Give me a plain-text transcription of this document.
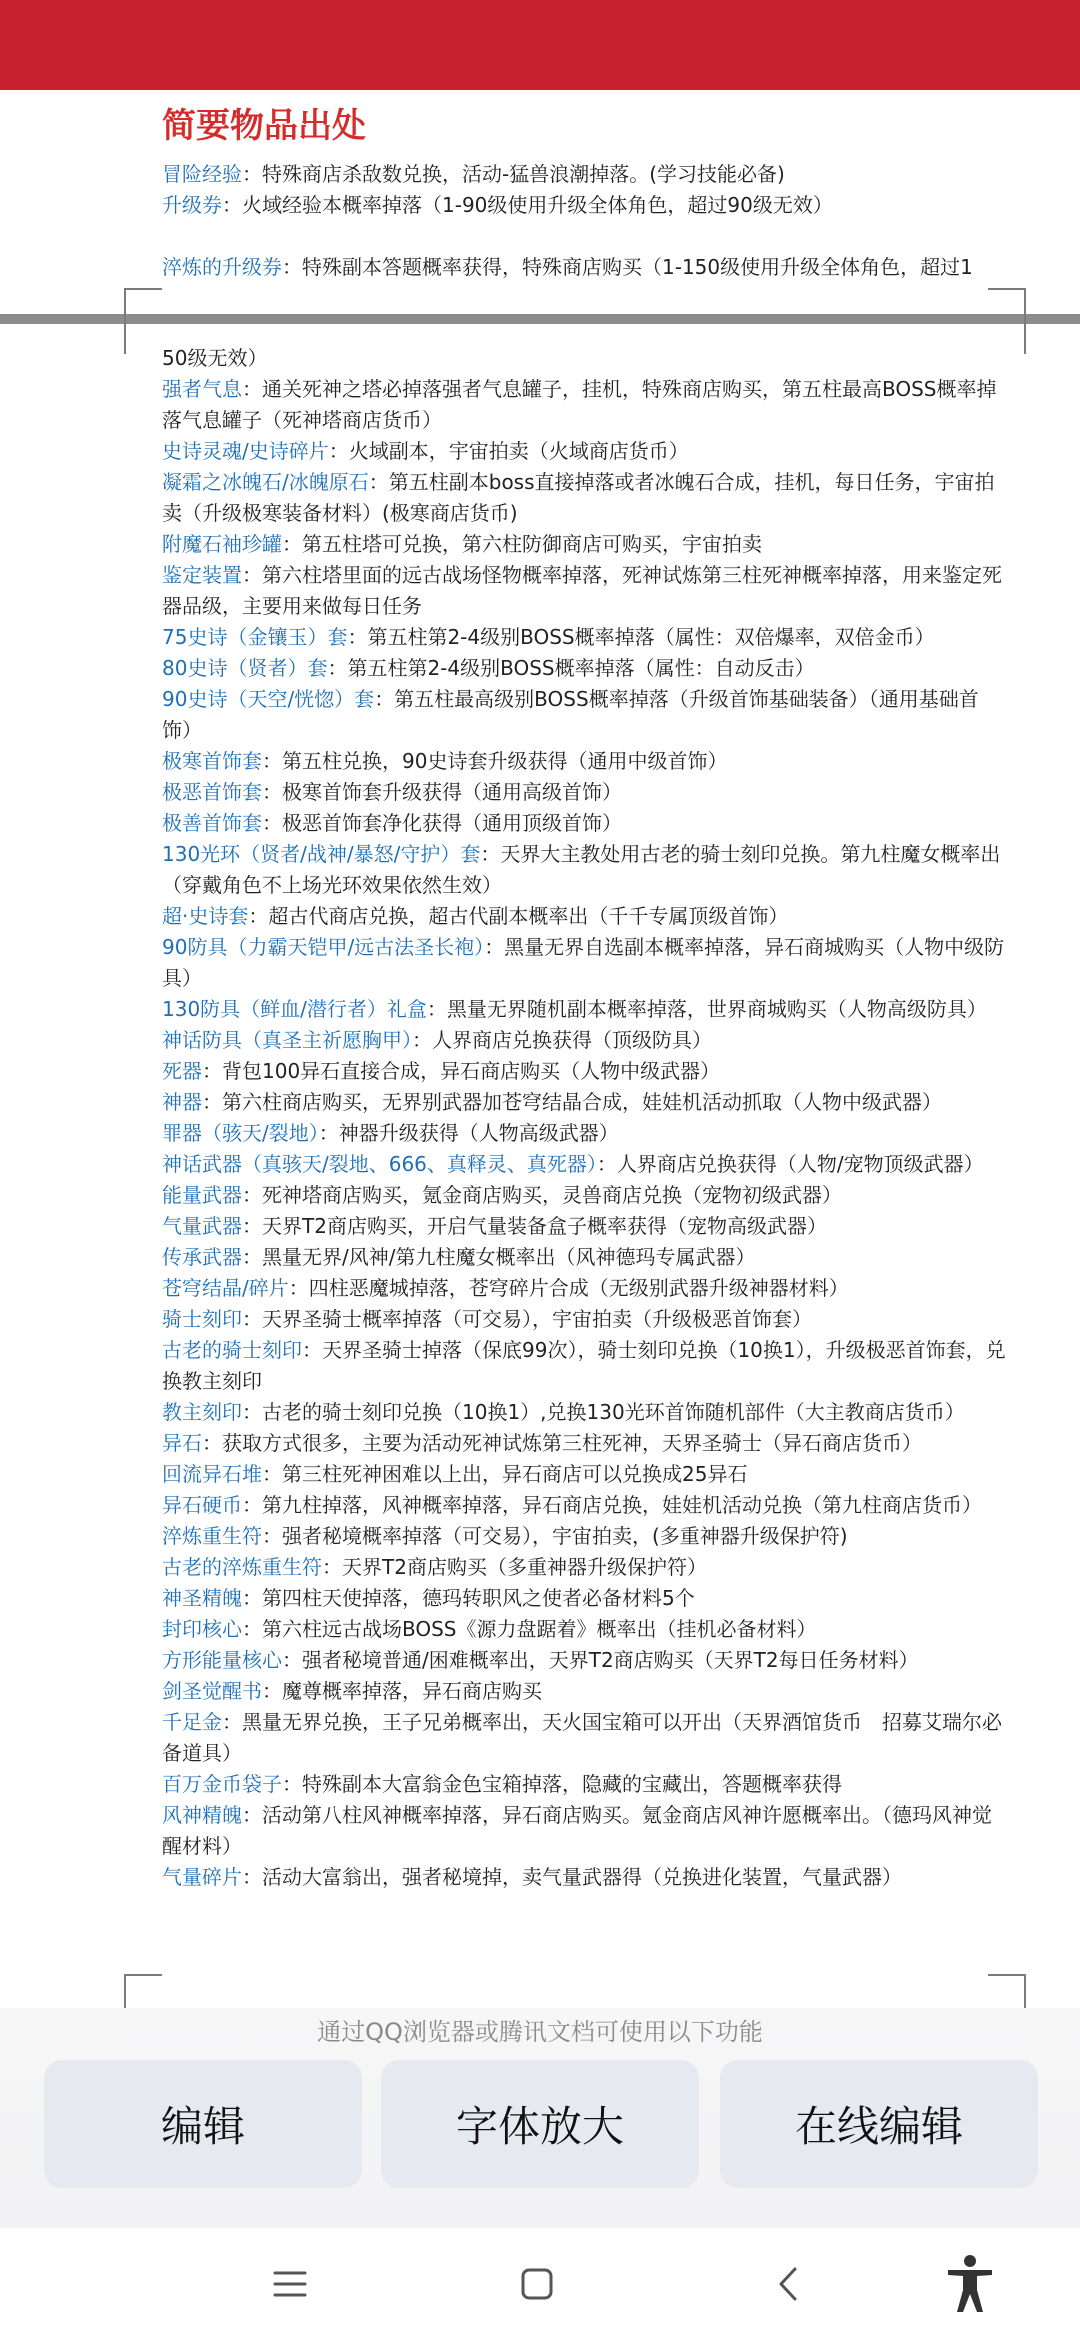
简要物品出处

冒险经验：特殊商店杀敌数兑换，活动-猛兽浪潮掉落。(学习技能必备)

升级券：火域经验本概率掉落（1-90级使用升级全体角色，超过90级无效）

淬炼的升级券：特殊副本答题概率获得，特殊商店购买（1-150级使用升级全体角色，超过1

50级无效）

强者气息：通关死神之塔必掉落强者气息罐子，挂机，特殊商店购买，第五柱最高BOSS概率掉落气息罐子（死神塔商店货币）

史诗灵魂/史诗碎片：火域副本，宇宙拍卖（火域商店货币）

凝霜之冰魄石/冰魄原石：第五柱副本boss直接掉落或者冰魄石合成，挂机，每日任务，宇宙拍卖（升级极寒装备材料）(极寒商店货币)

附魔石袖珍罐：第五柱塔可兑换，第六柱防御商店可购买，宇宙拍卖

鉴定装置：第六柱塔里面的远古战场怪物概率掉落，死神试炼第三柱死神概率掉落，用来鉴定死器品级，主要用来做每日任务

75史诗（金镶玉）套：第五柱第2-4级别BOSS概率掉落（属性：双倍爆率，双倍金币）

80史诗（贤者）套：第五柱第2-4级别BOSS概率掉落（属性：自动反击）

90史诗（天空/恍惚）套：第五柱最高级别BOSS概率掉落（升级首饰基础装备）（通用基础首饰）

极寒首饰套：第五柱兑换，90史诗套升级获得（通用中级首饰）

极恶首饰套：极寒首饰套升级获得（通用高级首饰）

极善首饰套：极恶首饰套净化获得（通用顶级首饰）

130光环（贤者/战神/暴怒/守护）套：天界大主教处用古老的骑士刻印兑换。第九柱魔女概率出（穿戴角色不上场光环效果依然生效）

超·史诗套：超古代商店兑换，超古代副本概率出（千千专属顶级首饰）

90防具（力霸天铠甲/远古法圣长袍）：黑量无界自选副本概率掉落，异石商城购买（人物中级防具）

130防具（鲜血/潜行者）礼盒：黑量无界随机副本概率掉落，世界商城购买（人物高级防具）

神话防具（真圣主祈愿胸甲）：人界商店兑换获得（顶级防具）

死器：背包100异石直接合成，异石商店购买（人物中级武器）

神器：第六柱商店购买，无界别武器加苍穹结晶合成，娃娃机活动抓取（人物中级武器）

罪器（骇天/裂地）：神器升级获得（人物高级武器）

神话武器（真骇天/裂地、666、真释灵、真死器）：人界商店兑换获得（人物/宠物顶级武器）

能量武器：死神塔商店购买，氪金商店购买，灵兽商店兑换（宠物初级武器）

气量武器：天界T2商店购买，开启气量装备盒子概率获得（宠物高级武器）

传承武器：黑量无界/风神/第九柱魔女概率出（风神德玛专属武器）

苍穹结晶/碎片：四柱恶魔城掉落，苍穹碎片合成（无级别武器升级神器材料）

骑士刻印：天界圣骑士概率掉落（可交易），宇宙拍卖（升级极恶首饰套）

古老的骑士刻印：天界圣骑士掉落（保底99次），骑士刻印兑换（10换1），升级极恶首饰套，兑换教主刻印

教主刻印：古老的骑士刻印兑换（10换1）,兑换130光环首饰随机部件（大主教商店货币）

异石：获取方式很多，主要为活动死神试炼第三柱死神，天界圣骑士（异石商店货币）

回流异石堆：第三柱死神困难以上出，异石商店可以兑换成25异石

异石硬币：第九柱掉落，风神概率掉落，异石商店兑换，娃娃机活动兑换（第九柱商店货币）

淬炼重生符：强者秘境概率掉落（可交易），宇宙拍卖，(多重神器升级保护符)

古老的淬炼重生符：天界T2商店购买（多重神器升级保护符）

神圣精魄：第四柱天使掉落，德玛转职风之使者必备材料5个

封印核心：第六柱远古战场BOSS《源力盘踞着》概率出（挂机必备材料）

方形能量核心：强者秘境普通/困难概率出，天界T2商店购买（天界T2每日任务材料）

剑圣觉醒书：魔尊概率掉落，异石商店购买

千足金：黑量无界兑换，王子兄弟概率出，天火国宝箱可以开出（天界酒馆货币　招募艾瑞尔必备道具）

百万金币袋子：特殊副本大富翁金色宝箱掉落，隐藏的宝藏出，答题概率获得

风神精魄：活动第八柱风神概率掉落，异石商店购买。氪金商店风神许愿概率出。（德玛风神觉醒材料）

气量碎片：活动大富翁出，强者秘境掉，卖气量武器得（兑换进化装置，气量武器）

通过QQ浏览器或腾讯文档可使用以下功能
编辑	字体放大	在线编辑
